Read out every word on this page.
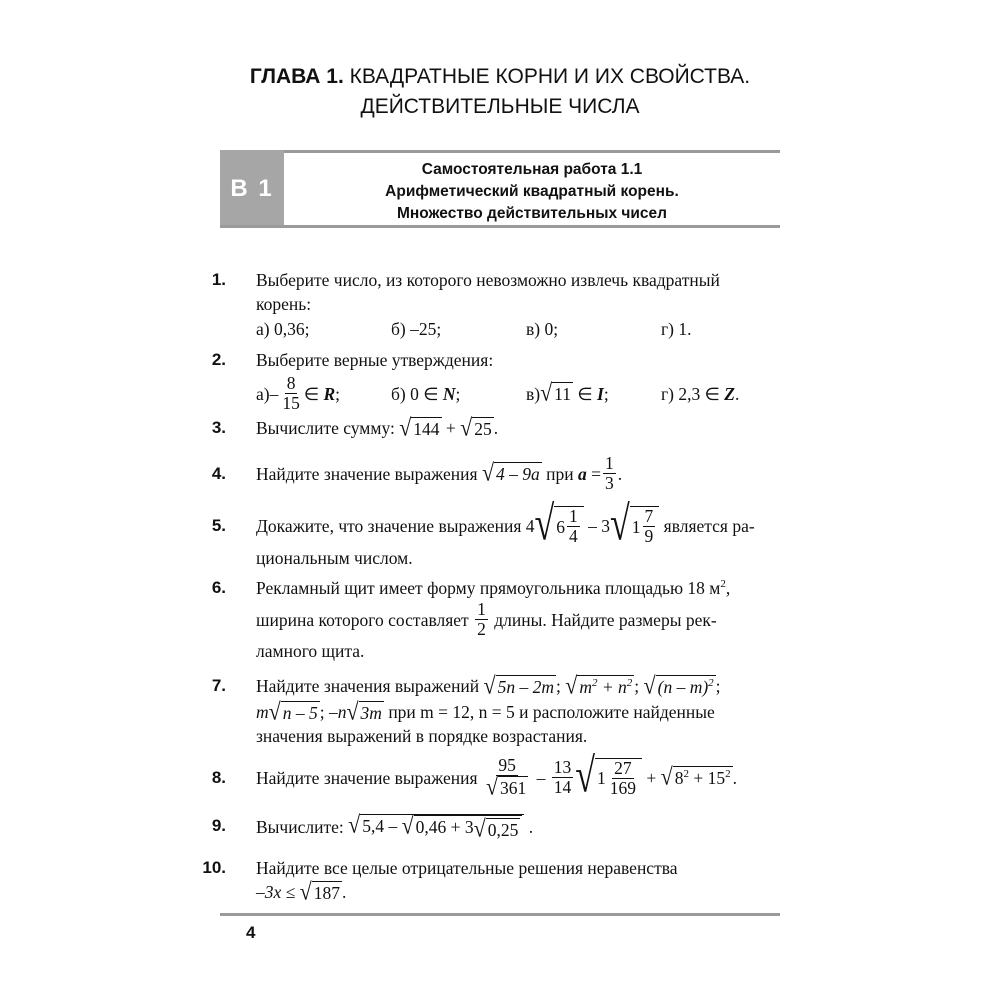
ГЛАВА 1. КВАДРАТНЫЕ КОРНИ И ИХ СВОЙСТВА.
ДЕЙСТВИТЕЛЬНЫЕ ЧИСЛА
В 1
Самостоятельная работа 1.1
Арифметический квадратный корень.
Множество действительных чисел
1. Выберите число, из которого невозможно извлечь квадратный
корень:
а) 0,36;	б) –25;	в) 0;	г) 1.
2. Выберите верные утверждения:
$а) - \frac{8}{15}$ ∈
R ;	б) 0 ∈
N ;	в) √ 11
∈
I ;	г) 2,3 ∈
Z .
3. Вычислите сумму:
√ 144
+
√ 25 .
4. Найдите значение выражения
√ 4 – 9a
при
a
= $\frac{1}{3}$ .
5. Докажите, что значение выражения
4 √ $6 \frac{1}{4}$
–
3 √ $1 \frac{7}{9}$
является ра-
циональным числом.
6. Рекламный щит имеет форму прямоугольника площадью 18 $м^2$,
ширина которого составляет
$\frac{1}{2}$
длины. Найдите размеры рек-
ламного щита.
7. Найдите значения выражений
√ 5n – 2m ;
√ $m^2 + n^2$ ;
√ (n – m)$^2$ ;
m √ n – 5 ;
–n √ 3m
при m = 12, n = 5 и расположите найденные
значения выражений в порядке возрастания.
8. Найдите значение выражения
$\frac{95}{√ 361}$
–
$\frac{13}{14}$ √ $1 \frac{27}{169}$
+
√ $8^2 + 15^2$ .
9. Вычислите:
√ 5,4 – √ 0,46 + 3 √ 0,25
.
10. Найдите все целые отрицательные решения неравенства
–3x ≤
√ 187 .
4
